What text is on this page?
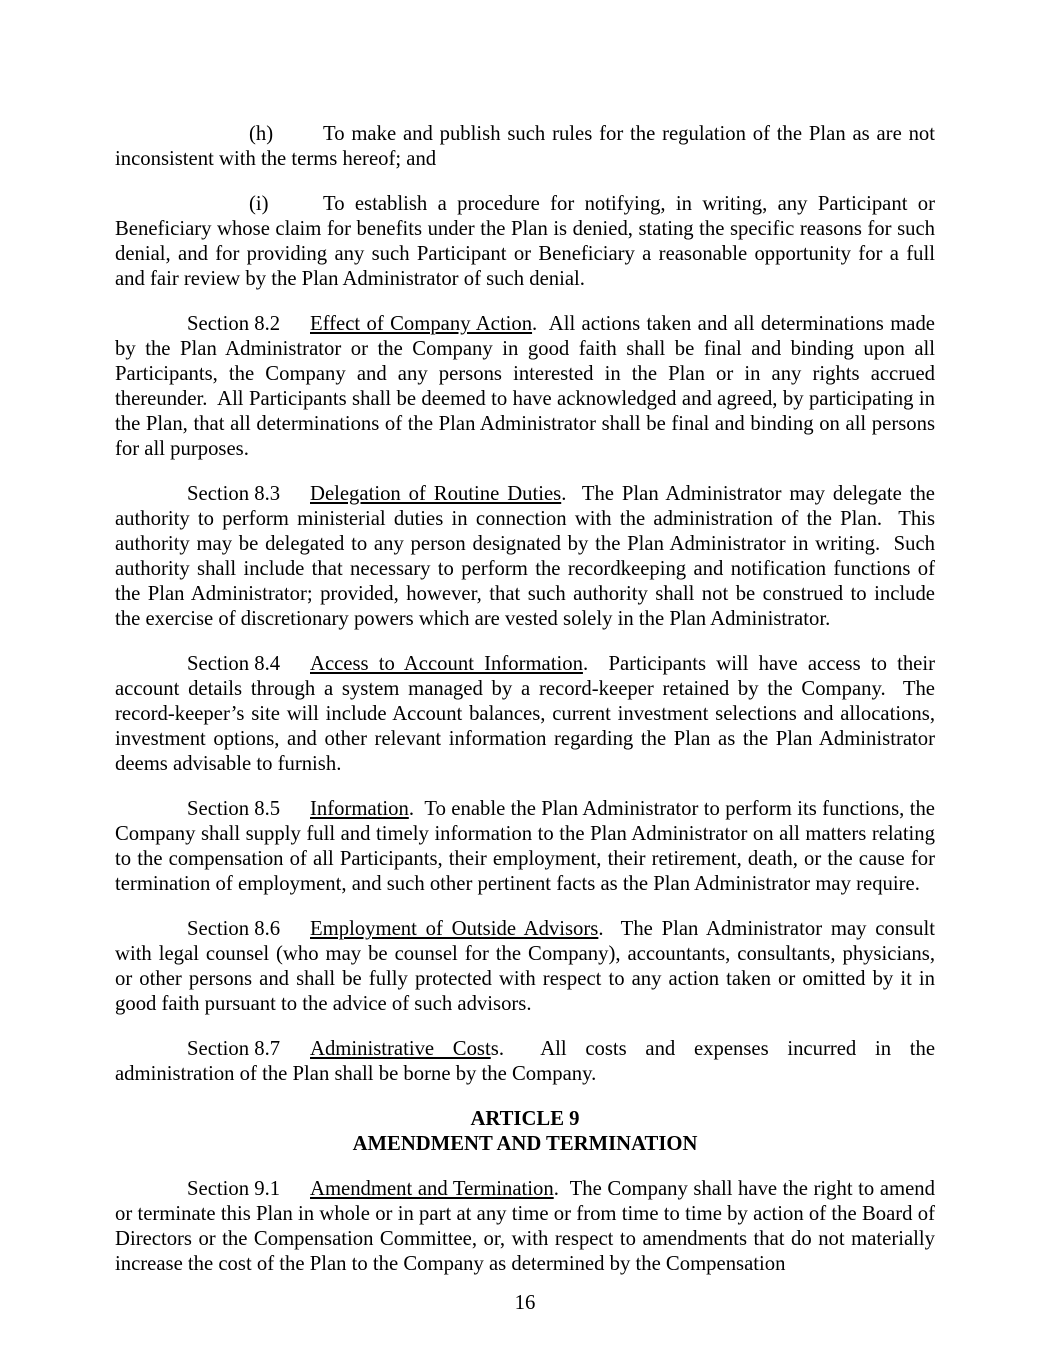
(h) To make and publish such rules for the regulation of the Plan as are not inconsistent with the terms hereof; and

(i)	To establish a procedure for notifying, in writing, any Participant or Beneficiary whose claim for benefits under the Plan is denied, stating the specific reasons for such denial, and for providing any such Participant or Beneficiary a reasonable opportunity for a full and fair review by the Plan Administrator of such denial.

Section 8.2 Effect of Company Action.  All actions taken and all determinations made by the Plan Administrator or the Company in good faith shall be final and binding upon all Participants, the Company and any persons interested in the Plan or in any rights accrued thereunder.  All Participants shall be deemed to have acknowledged and agreed, by participating in the Plan, that all determinations of the Plan Administrator shall be final and binding on all persons for all purposes.

Section 8.3 Delegation of Routine Duties.  The Plan Administrator may delegate the authority to perform ministerial duties in connection with the administration of the Plan.  This authority may be delegated to any person designated by the Plan Administrator in writing.  Such authority shall include that necessary to perform the recordkeeping and notification functions of the Plan Administrator; provided, however, that such authority shall not be construed to include the exercise of discretionary powers which are vested solely in the Plan Administrator.

Section 8.4 Access to Account Information.  Participants will have access to their account details through a system managed by a record-keeper retained by the Company.  The record-keeper’s site will include Account balances, current investment selections and allocations, investment options, and other relevant information regarding the Plan as the Plan Administrator deems advisable to furnish.

Section 8.5 Information.  To enable the Plan Administrator to perform its functions, the Company shall supply full and timely information to the Plan Administrator on all matters relating to the compensation of all Participants, their employment, their retirement, death, or the cause for termination of employment, and such other pertinent facts as the Plan Administrator may require.

Section 8.6 Employment of Outside Advisors.  The Plan Administrator may consult with legal counsel (who may be counsel for the Company), accountants, consultants, physicians, or other persons and shall be fully protected with respect to any action taken or omitted by it in good faith pursuant to the advice of such advisors.

Section 8.7 Administrative Costs.  All costs and expenses incurred in the administration of the Plan shall be borne by the Company.

ARTICLE 9
AMENDMENT AND TERMINATION

Section 9.1 Amendment and Termination.  The Company shall have the right to amend or terminate this Plan in whole or in part at any time or from time to time by action of the Board of Directors or the Compensation Committee, or, with respect to amendments that do not materially increase the cost of the Plan to the Company as determined by the Compensation

16
